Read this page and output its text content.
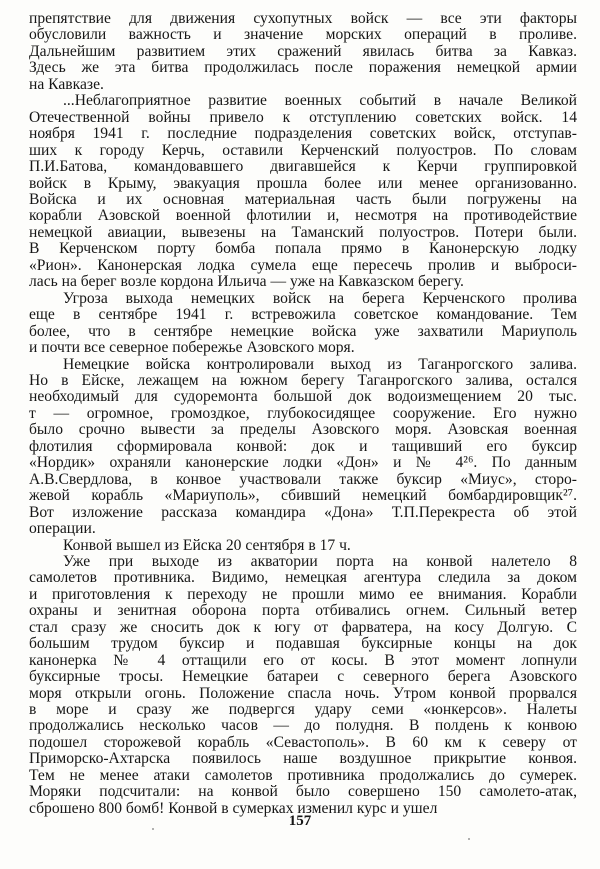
препятствие для движения сухопутных войск — все эти факторы
обусловили важность и значение морских операций в проливе.
Дальнейшим развитием этих сражений явилась битва за Кавказ.
Здесь же эта битва продолжилась после поражения немецкой армии
на Кавказе.
...Неблагоприятное развитие военных событий в начале Великой
Отечественной войны привело к отступлению советских войск. 14
ноября 1941 г. последние подразделения советских войск, отступав-
ших к городу Керчь, оставили Керченский полуостров. По словам
П.И.Батова, командовавшего двигавшейся к Керчи группировкой
войск в Крыму, эвакуация прошла более или менее организованно.
Войска и их основная материальная часть были погружены на
корабли Азовской военной флотилии и, несмотря на противодействие
немецкой авиации, вывезены на Таманский полуостров. Потери были.
В Керченском порту бомба попала прямо в Канонерскую лодку
«Рион». Канонерская лодка сумела еще пересечь пролив и выброси-
лась на берег возле кордона Ильича — уже на Кавказском берегу.
Угроза выхода немецких войск на берега Керченского пролива
еще в сентябре 1941 г. встревожила советское командование. Тем
более, что в сентябре немецкие войска уже захватили Мариуполь
и почти все северное побережье Азовского моря.
Немецкие войска контролировали выход из Таганрогского залива.
Но в Ейске, лежащем на южном берегу Таганрогского залива, остался
необходимый для судоремонта большой док водоизмещением 20 тыс.
т — огромное, громоздкое, глубокосидящее сооружение. Его нужно
было срочно вывести за пределы Азовского моря. Азовская военная
флотилия сформировала конвой: док и тащивший его буксир
«Нордик» охраняли канонерские лодки «Дон» и № 4²⁶. По данным
А.В.Свердлова, в конвое участвовали также буксир «Миус», сторо-
жевой корабль «Мариуполь», сбивший немецкий бомбардировщик²⁷.
Вот изложение рассказа командира «Дона» Т.П.Перекреста об этой
операции.
Конвой вышел из Ейска 20 сентября в 17 ч.
Уже при выходе из акватории порта на конвой налетело 8
самолетов противника. Видимо, немецкая агентура следила за доком
и приготовления к переходу не прошли мимо ее внимания. Корабли
охраны и зенитная оборона порта отбивались огнем. Сильный ветер
стал сразу же сносить док к югу от фарватера, на косу Долгую. С
большим трудом буксир и подавшая буксирные концы на док
канонерка № 4 оттащили его от косы. В этот момент лопнули
буксирные тросы. Немецкие батареи с северного берега Азовского
моря открыли огонь. Положение спасла ночь. Утром конвой прорвался
в море и сразу же подвергся удару семи «юнкерсов». Налеты
продолжались несколько часов — до полудня. В полдень к конвою
подошел сторожевой корабль «Севастополь». В 60 км к северу от
Приморско-Ахтарска появилось наше воздушное прикрытие конвоя.
Тем не менее атаки самолетов противника продолжались до сумерек.
Моряки подсчитали: на конвой было совершено 150 самолето-атак,
сброшено 800 бомб! Конвой в сумерках изменил курс и ушел
157
